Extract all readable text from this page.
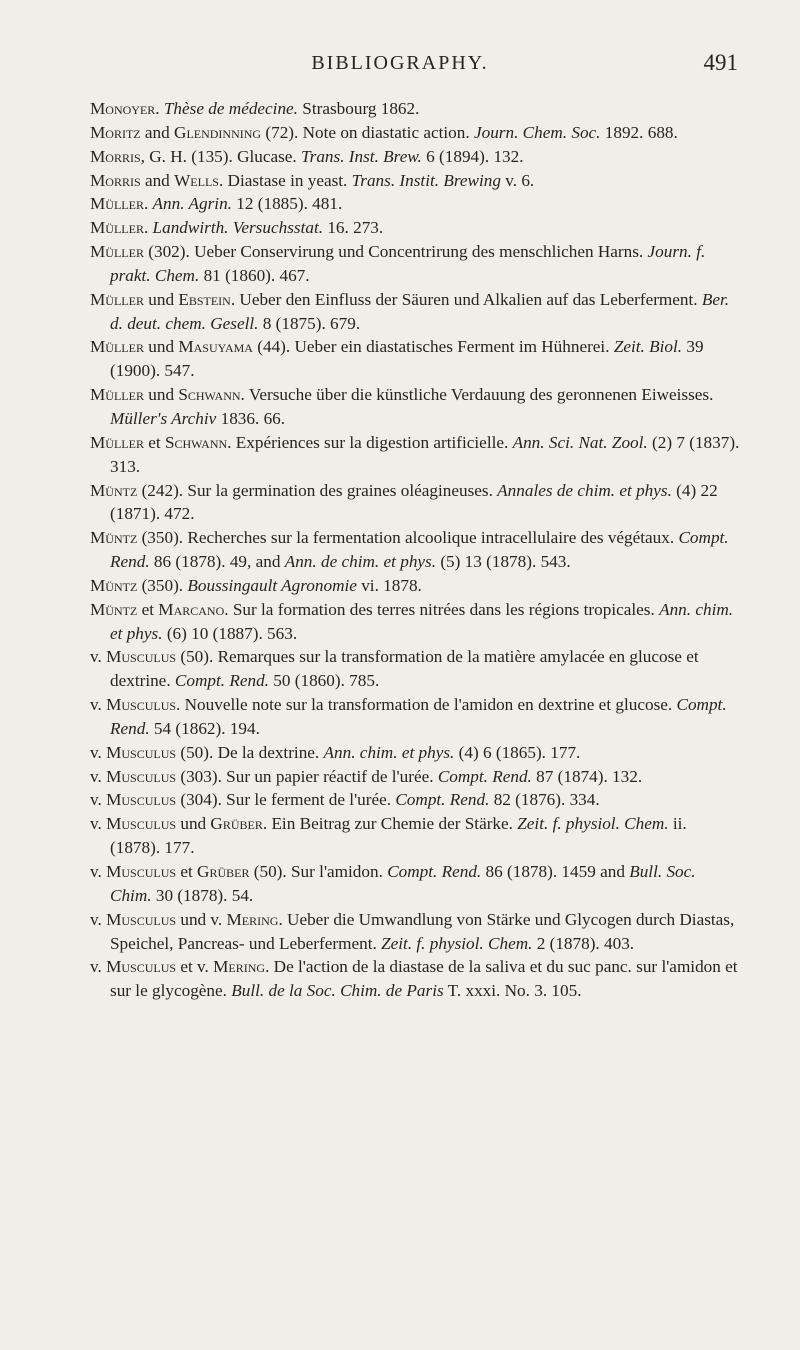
BIBLIOGRAPHY.	491
Monoyer. Thèse de médecine. Strasbourg 1862.
Moritz and Glendinning (72). Note on diastatic action. Journ. Chem. Soc. 1892. 688.
Morris, G. H. (135). Glucase. Trans. Inst. Brew. 6 (1894). 132.
Morris and Wells. Diastase in yeast. Trans. Instit. Brewing v. 6.
Müller. Ann. Agrin. 12 (1885). 481.
Müller. Landwirth. Versuchsstat. 16. 273.
Müller (302). Ueber Conservirung und Concentrirung des menschlichen Harns. Journ. f. prakt. Chem. 81 (1860). 467.
Müller und Ebstein. Ueber den Einfluss der Säuren und Alkalien auf das Leberferment. Ber. d. deut. chem. Gesell. 8 (1875). 679.
Müller und Masuyama (44). Ueber ein diastatisches Ferment im Hühnerei. Zeit. Biol. 39 (1900). 547.
Müller und Schwann. Versuche über die künstliche Verdauung des geronnenen Eiweisses. Müller's Archiv 1836. 66.
Müller et Schwann. Expériences sur la digestion artificielle. Ann. Sci. Nat. Zool. (2) 7 (1837). 313.
Müntz (242). Sur la germination des graines oléagineuses. Annales de chim. et phys. (4) 22 (1871). 472.
Müntz (350). Recherches sur la fermentation alcoolique intracellulaire des végétaux. Compt. Rend. 86 (1878). 49, and Ann. de chim. et phys. (5) 13 (1878). 543.
Müntz (350). Boussingault Agronomie vi. 1878.
Müntz et Marcano. Sur la formation des terres nitrées dans les régions tropicales. Ann. chim. et phys. (6) 10 (1887). 563.
v. Musculus (50). Remarques sur la transformation de la matière amylacée en glucose et dextrine. Compt. Rend. 50 (1860). 785.
v. Musculus. Nouvelle note sur la transformation de l'amidon en dextrine et glucose. Compt. Rend. 54 (1862). 194.
v. Musculus (50). De la dextrine. Ann. chim. et phys. (4) 6 (1865). 177.
v. Musculus (303). Sur un papier réactif de l'urée. Compt. Rend. 87 (1874). 132.
v. Musculus (304). Sur le ferment de l'urée. Compt. Rend. 82 (1876). 334.
v. Musculus und Grüber. Ein Beitrag zur Chemie der Stärke. Zeit. f. physiol. Chem. ii. (1878). 177.
v. Musculus et Grüber (50). Sur l'amidon. Compt. Rend. 86 (1878). 1459 and Bull. Soc. Chim. 30 (1878). 54.
v. Musculus und v. Mering. Ueber die Umwandlung von Stärke und Glycogen durch Diastas, Speichel, Pancreas- und Leberferment. Zeit. f. physiol. Chem. 2 (1878). 403.
v. Musculus et v. Mering. De l'action de la diastase de la saliva et du suc panc. sur l'amidon et sur le glycogène. Bull. de la Soc. Chim. de Paris T. xxxi. No. 3. 105.
